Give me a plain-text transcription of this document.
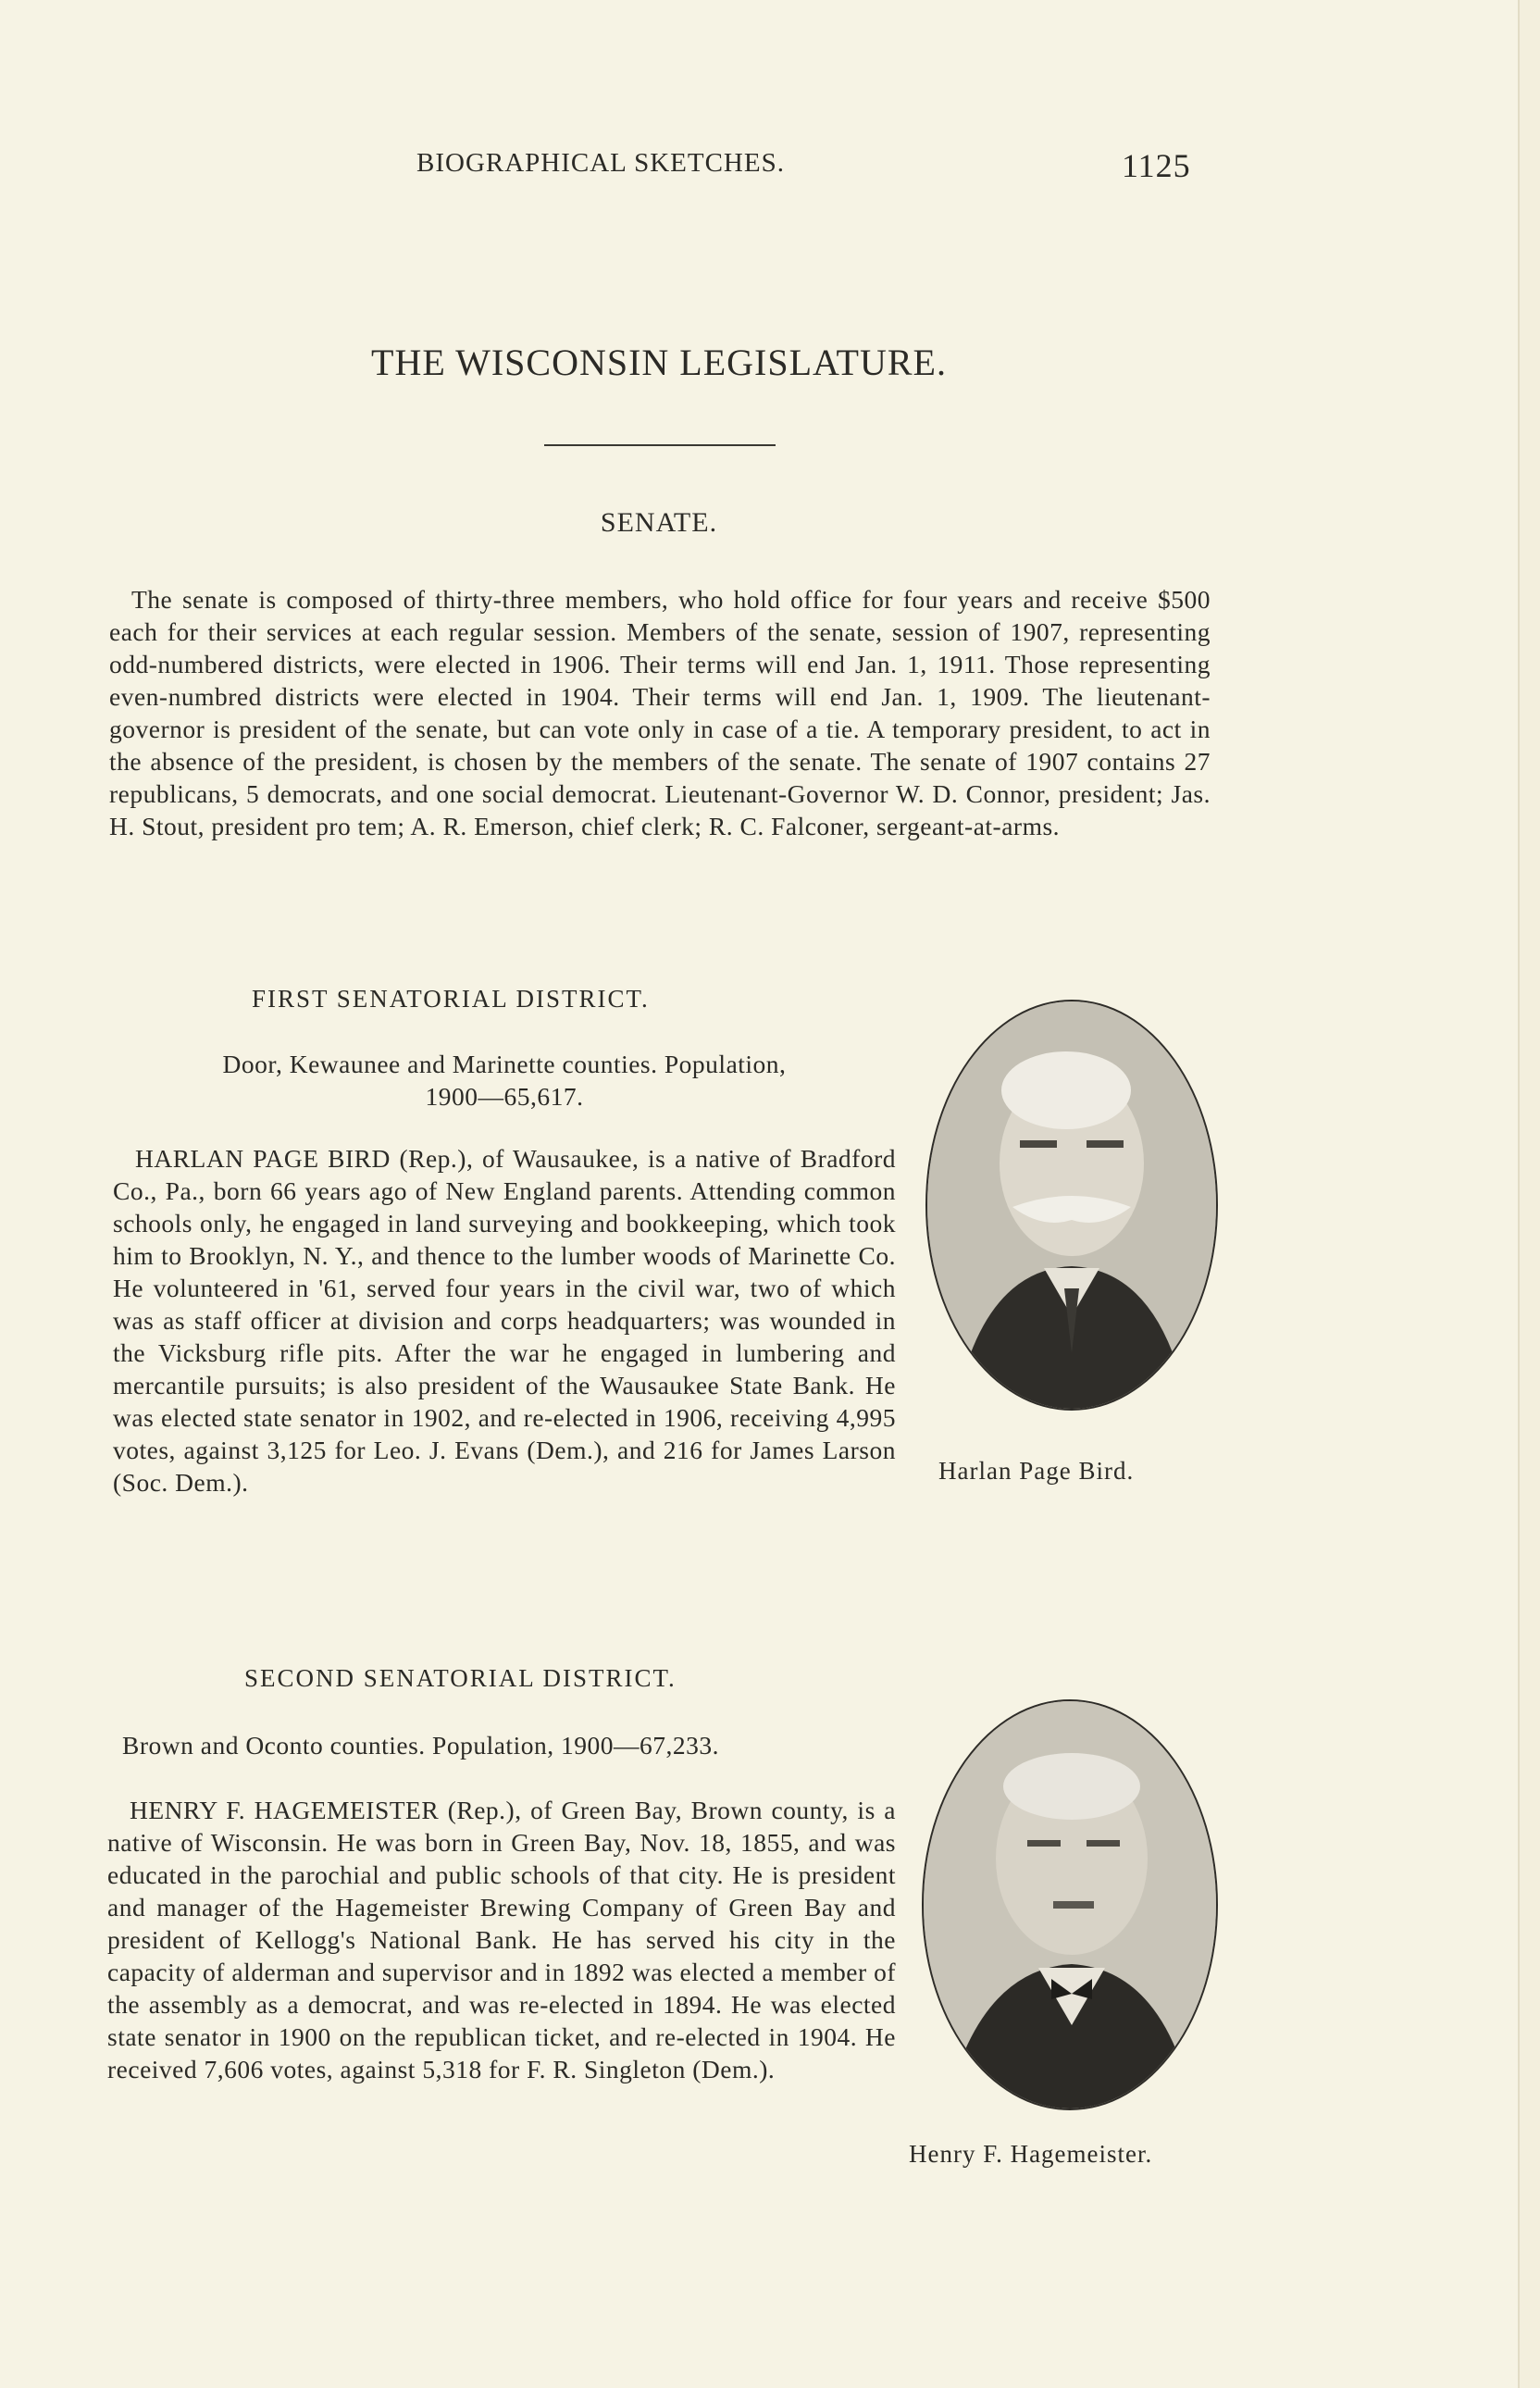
BIOGRAPHICAL SKETCHES.	1125
THE WISCONSIN LEGISLATURE.
SENATE.
The senate is composed of thirty-three members, who hold office for four years and receive $500 each for their services at each regular session. Members of the senate, session of 1907, representing odd-numbered districts, were elected in 1906. Their terms will end Jan. 1, 1911. Those representing even-numbred districts were elected in 1904. Their terms will end Jan. 1, 1909. The lieutenant-governor is president of the senate, but can vote only in case of a tie. A temporary president, to act in the absence of the president, is chosen by the members of the senate. The senate of 1907 contains 27 republicans, 5 democrats, and one social democrat. Lieutenant-Governor W. D. Connor, president; Jas. H. Stout, president pro tem; A. R. Emerson, chief clerk; R. C. Falconer, sergeant-at-arms.
FIRST SENATORIAL DISTRICT.
Door, Kewaunee and Marinette counties. Population,
1900—65,617.
HARLAN PAGE BIRD (Rep.), of Wausaukee, is a native of Bradford Co., Pa., born 66 years ago of New England parents. Attending common schools only, he engaged in land surveying and bookkeeping, which took him to Brooklyn, N. Y., and thence to the lumber woods of Marinette Co. He volunteered in '61, served four years in the civil war, two of which was as staff officer at division and corps headquarters; was wounded in the Vicksburg rifle pits. After the war he engaged in lumbering and mercantile pursuits; is also president of the Wausaukee State Bank. He was elected state senator in 1902, and re-elected in 1906, receiving 4,995 votes, against 3,125 for Leo. J. Evans (Dem.), and 216 for James Larson (Soc. Dem.).	Harlan Page Bird.
SECOND SENATORIAL DISTRICT.
Brown and Oconto counties. Population, 1900—67,233.
HENRY F. HAGEMEISTER (Rep.), of Green Bay, Brown county, is a native of Wisconsin. He was born in Green Bay, Nov. 18, 1855, and was educated in the parochial and public schools of that city. He is president and manager of the Hagemeister Brewing Company of Green Bay and president of Kellogg's National Bank. He has served his city in the capacity of alderman and supervisor and in 1892 was elected a member of the assembly as a democrat, and was re-elected in 1894. He was elected state senator in 1900 on the republican ticket, and re-elected in 1904. He received 7,606 votes, against 5,318 for F. R. Singleton (Dem.).
Henry F. Hagemeister.
